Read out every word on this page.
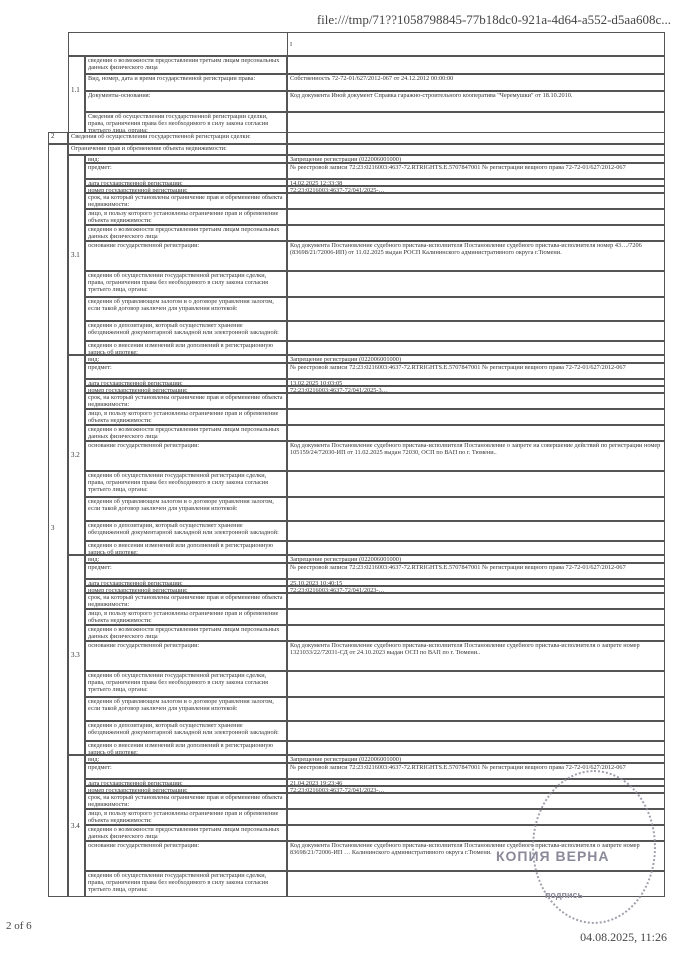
file:///tmp/71??1058798845-77b18dc0-921a-4d64-a552-d5aa608c...
I
1.1
сведения о возможности предоставления третьим лицам персональных данных физического лица
Вид, номер, дата и время государственной регистрации права:	Собственность 72-72-01/627/2012-067 от 24.12.2012 00:00:00
Документы-основания:	Код документа Иной документ Справка гаражно-строительного кооператива "Черемушки" от 18.10.2010.
Сведения об осуществлении государственной регистрации сделки, права, ограничения права без необходимого в силу закона согласия третьего лица, органа:
2	Сведения об осуществлении государственной регистрации сделки:
3
Ограничение прав и обременение объекта недвижимости:
3.1
вид:	Запрещение регистрации (022006001000)
предмет:	№ реестровой записи 72:23:0216003:4637-72.RTRIGHTS.E.5707847001 № регистрации вещного права 72-72-01/627/2012-067
дата государственной регистрации:	14.02.2025 12:33:38
номер государственной регистрации:	72:23:0216003:4637-72/041/2025-…
срок, на который установлены ограничение прав и обременение объекта недвижимости:
лицо, в пользу которого установлены ограничение прав и обременение объекта недвижимости:
сведения о возможности предоставления третьим лицам персональных данных физического лица
основание государственной регистрации:	Код документа Постановление судебного пристава-исполнителя Постановление судебного пристава-исполнителя номер 43…/7206 (83698/21/72006-ИП) от 11.02.2025 выдан РОСП Калининского административного округа г.Тюмени.
сведения об осуществлении государственной регистрации сделки, права, ограничения права без необходимого в силу закона согласия третьего лица, органа:
сведения об управляющем залогом и о договоре управления залогом, если такой договор заключен для управления ипотекой:
сведения о депозитарии, который осуществляет хранение обездвиженной документарной закладной или электронной закладной:
сведения о внесении изменений или дополнений в регистрационную запись об ипотеке:
3.2
вид:	Запрещение регистрации (022006001000)
предмет:	№ реестровой записи 72:23:0216003:4637-72.RTRIGHTS.E.5707847001 № регистрации вещного права 72-72-01/627/2012-067
дата государственной регистрации:	13.02.2025 10:03:05
номер государственной регистрации:	72:23:0216003:4637-72/041/2025-3…
срок, на который установлены ограничение прав и обременение объекта недвижимости:
лицо, в пользу которого установлены ограничение прав и обременение объекта недвижимости:
сведения о возможности предоставления третьим лицам персональных данных физического лица
основание государственной регистрации:	Код документа Постановление судебного пристава-исполнителя Постановление о запрете на совершение действий по регистрации номер 105159/24/72030-ИП от 11.02.2025 выдан 72030, ОСП по ВАП по г. Тюмени..
сведения об осуществлении государственной регистрации сделки, права, ограничения права без необходимого в силу закона согласия третьего лица, органа:
сведения об управляющем залогом и о договоре управления залогом, если такой договор заключен для управления ипотекой:
сведения о депозитарии, который осуществляет хранение обездвиженной документарной закладной или электронной закладной:
сведения о внесении изменений или дополнений в регистрационную запись об ипотеке:
3.3
вид:	Запрещение регистрации (022006001000)
предмет:	№ реестровой записи 72:23:0216003:4637-72.RTRIGHTS.E.5707847001 № регистрации вещного права 72-72-01/627/2012-067
дата государственной регистрации:	25.10.2023 10:40:15
номер государственной регистрации:	72:23:0216003:4637-72/041/2023-…
срок, на который установлены ограничение прав и обременение объекта недвижимости:
лицо, в пользу которого установлены ограничение прав и обременение объекта недвижимости:
сведения о возможности предоставления третьим лицам персональных данных физического лица
основание государственной регистрации:	Код документа Постановление судебного пристава-исполнителя Постановление судебного пристава-исполнителя о запрете номер 1321033/22/72031-СД от 24.10.2023 выдан ОСП по ВАП по г. Тюмени..
сведения об осуществлении государственной регистрации сделки, права, ограничения права без необходимого в силу закона согласия третьего лица, органа:
сведения об управляющем залогом и о договоре управления залогом, если такой договор заключен для управления ипотекой:
сведения о депозитарии, который осуществляет хранение обездвиженной документарной закладной или электронной закладной:
сведения о внесении изменений или дополнений в регистрационную запись об ипотеке:
3.4
вид:	Запрещение регистрации (022006001000)
предмет:	№ реестровой записи 72:23:0216003:4637-72.RTRIGHTS.E.5707847001 № регистрации вещного права 72-72-01/627/2012-067
дата государственной регистрации:	21.04.2023 19:23:46
номер государственной регистрации:	72:23:0216003:4637-72/041/2023-…
срок, на который установлены ограничение прав и обременение объекта недвижимости:
лицо, в пользу которого установлены ограничение прав и обременение объекта недвижимости:
сведения о возможности предоставления третьим лицам персональных данных физического лица
основание государственной регистрации:	Код документа Постановление судебного пристава-исполнителя Постановление судебного пристава-исполнителя о запрете номер 83698/21/72006-ИП … Калининского административного округа г.Тюмени.
сведения об осуществлении государственной регистрации сделки, права, ограничения права без необходимого в силу закона согласия третьего лица, органа:
КОПИЯ ВЕРНА
подпись
2 of 6
04.08.2025, 11:26
